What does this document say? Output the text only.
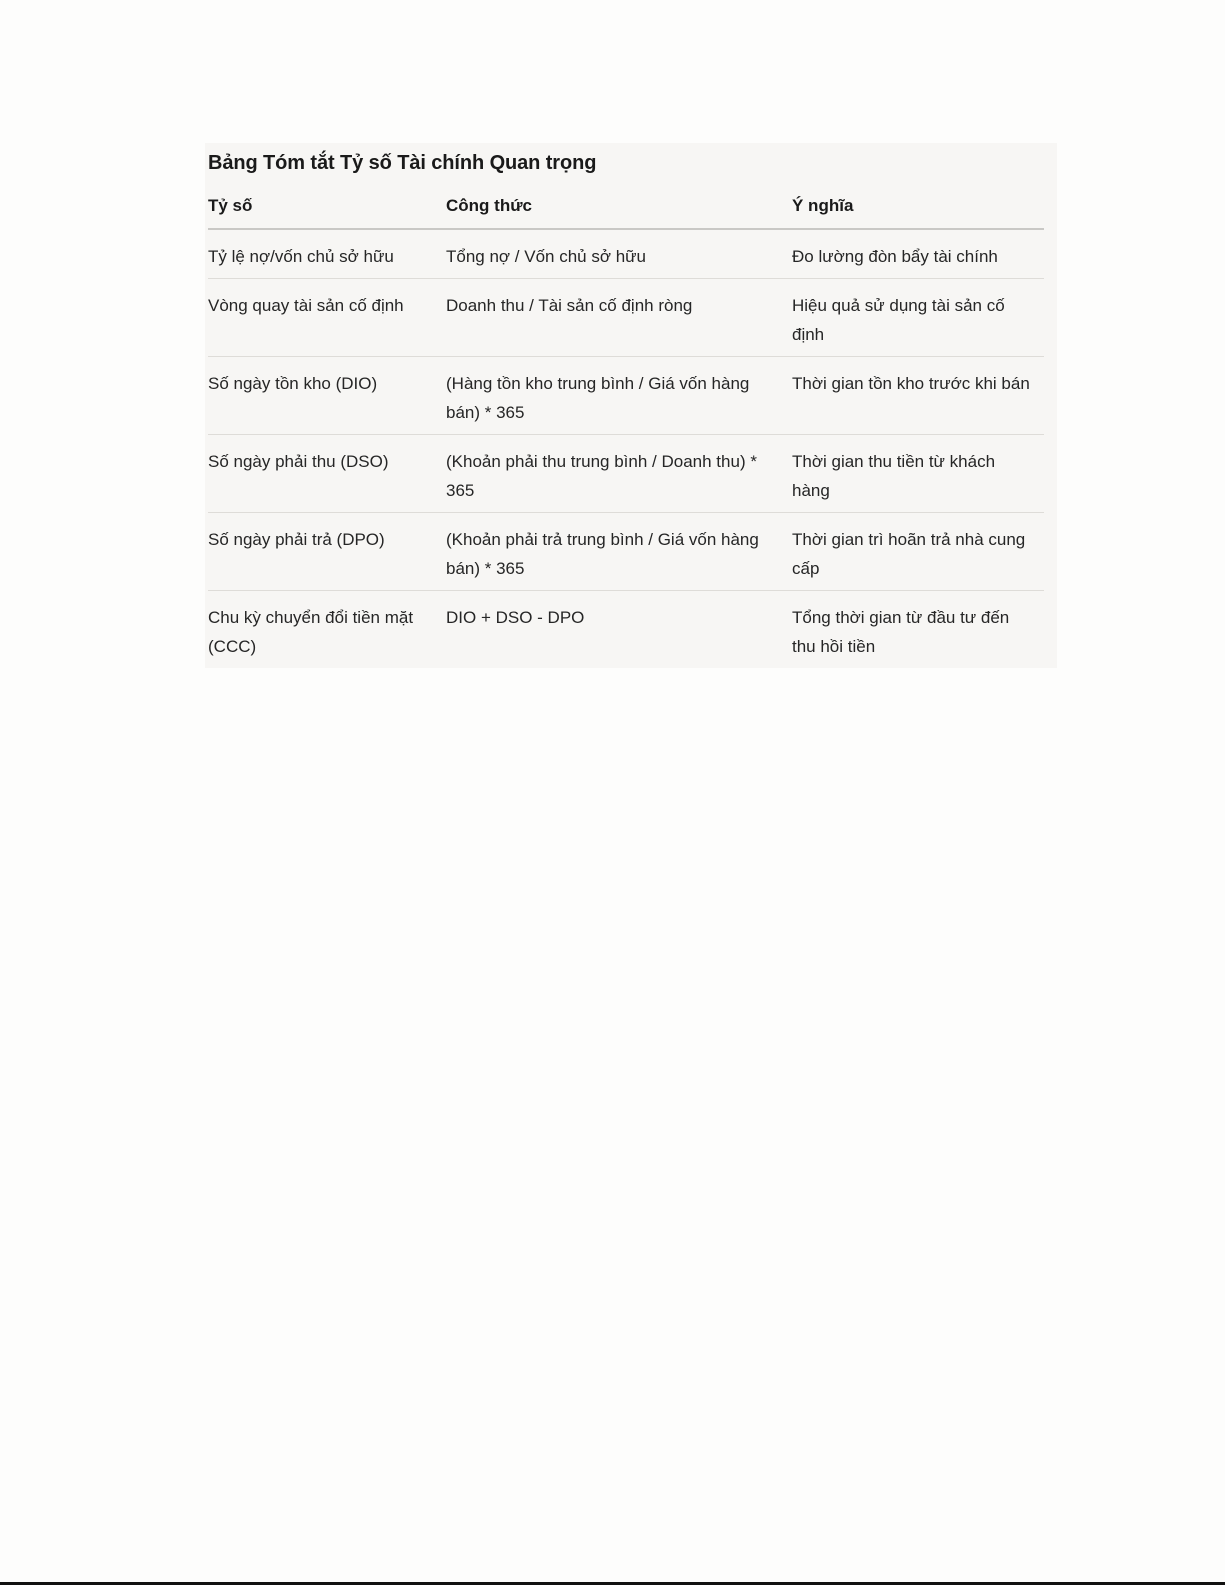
Bảng Tóm tắt Tỷ số Tài chính Quan trọng
Tỷ số	Công thức	Ý nghĩa
Tỷ lệ nợ/vốn chủ sở hữu	Tổng nợ / Vốn chủ sở hữu	Đo lường đòn bẩy tài chính
Vòng quay tài sản cố định	Doanh thu / Tài sản cố định ròng	Hiệu quả sử dụng tài sản cố định
Số ngày tồn kho (DIO)	(Hàng tồn kho trung bình / Giá vốn hàng bán) * 365	Thời gian tồn kho trước khi bán
Số ngày phải thu (DSO)	(Khoản phải thu trung bình / Doanh thu) * 365	Thời gian thu tiền từ khách hàng
Số ngày phải trả (DPO)	(Khoản phải trả trung bình / Giá vốn hàng bán) * 365	Thời gian trì hoãn trả nhà cung cấp
Chu kỳ chuyển đổi tiền mặt (CCC)	DIO + DSO - DPO	Tổng thời gian từ đầu tư đến thu hồi tiền
